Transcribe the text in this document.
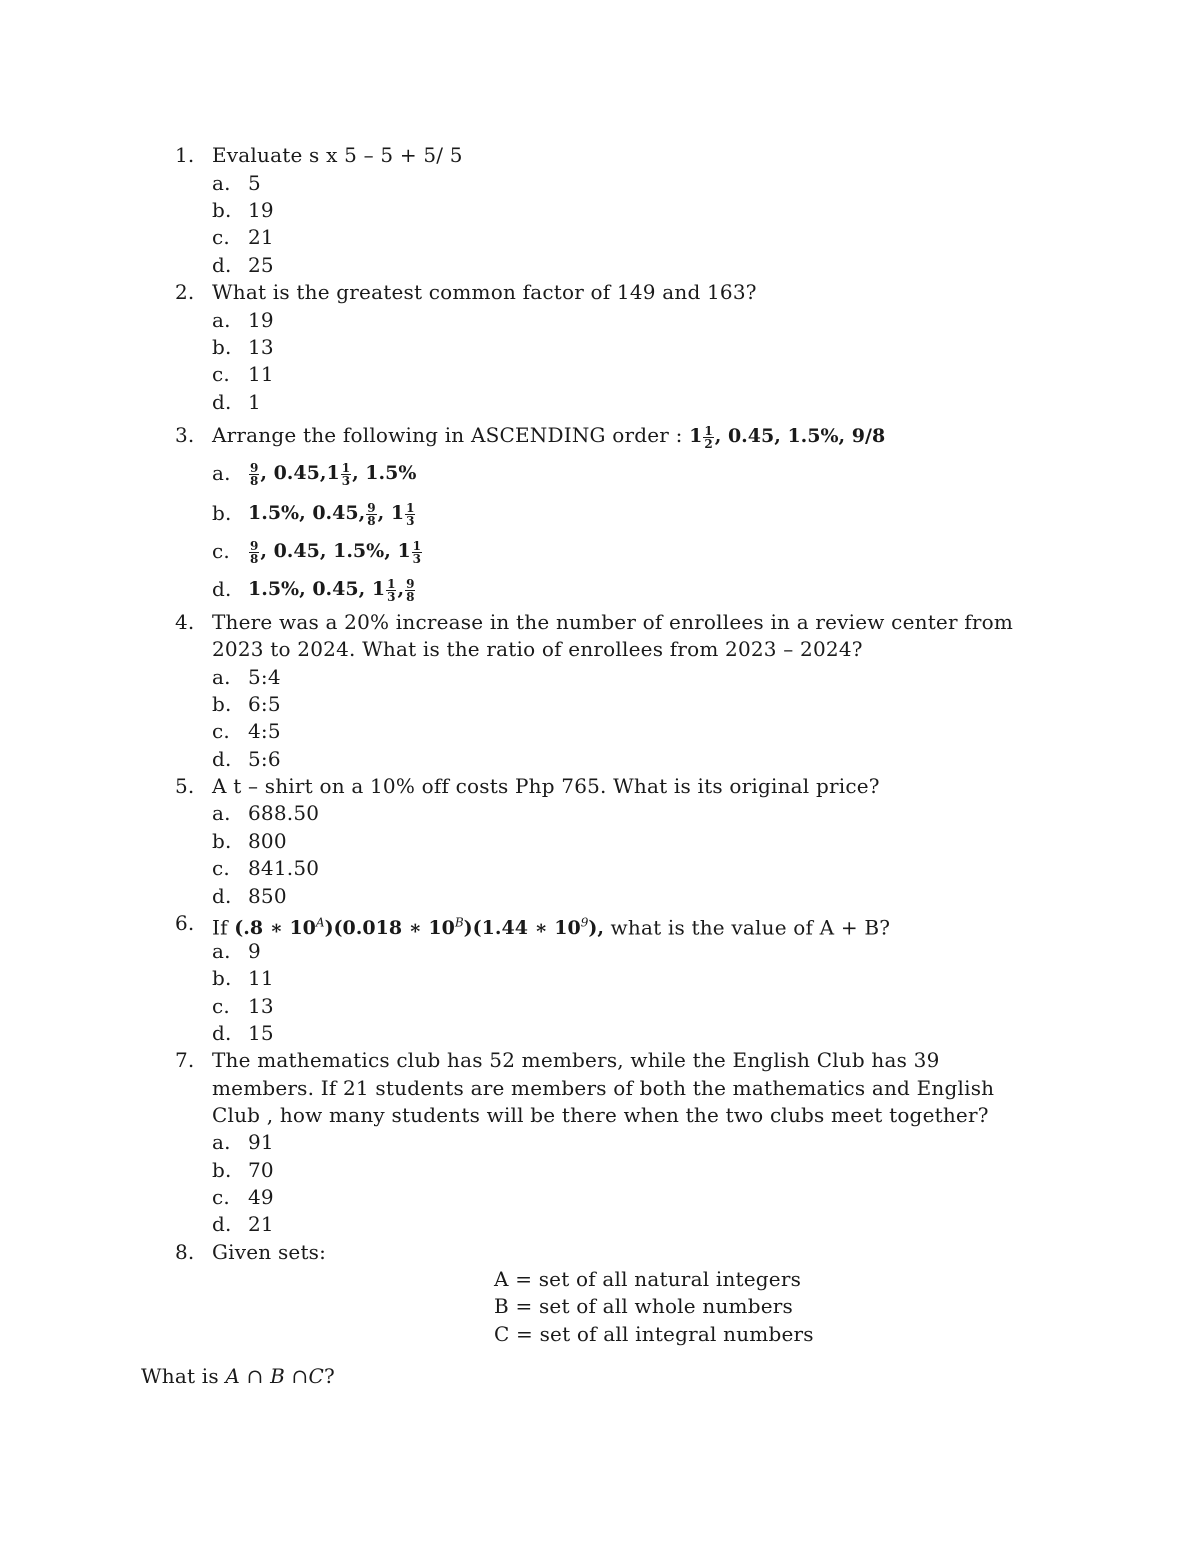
1. Evaluate s x 5 – 5 + 5/ 5
a. 5
b. 19
c. 21
d. 25
2. What is the greatest common factor of 149 and 163?
a. 19
b. 13
c. 11
d. 1
3. Arrange the following in ASCENDING order : $1 \frac{1}{2}$ , 0.45, 1.5%, 9/8
a. $\frac{9}{8}$ , $0.45,1 \frac{1}{3}$ , 1.5%
b. 1.5%, 0.45, $\frac{9}{8}$ , $1 \frac{1}{3}$
c. $\frac{9}{8}$ , 0.45, 1.5%, $1 \frac{1}{3}$
d. 1.5%, 0.45, $1 \frac{1}{3}$ , $\frac{9}{8}$
4. There was a 20% increase in the number of enrollees in a review center from
2023 to 2024. What is the ratio of enrollees from 2023 – 2024?
a. 5:4
b. 6:5
c. 4:5
d. 5:6
5. A t – shirt on a 10% off costs Php 765. What is its original price?
a. 688.50
b. 800
c. 841.50
d. 850
6. If (.8 ∗ $10^A)(0.018$ ∗ $10^B)(1.44$ ∗ $10^9$), what is the value of A + B?
a. 9
b. 11
c. 13
d. 15
7. The mathematics club has 52 members, while the English Club has 39
members. If 21 students are members of both the mathematics and English
Club , how many students will be there when the two clubs meet together?
a. 91
b. 70
c. 49
d. 21
8. Given sets:
A = set of all natural integers
B = set of all whole numbers
C = set of all integral numbers
What is A ∩ B ∩C?
